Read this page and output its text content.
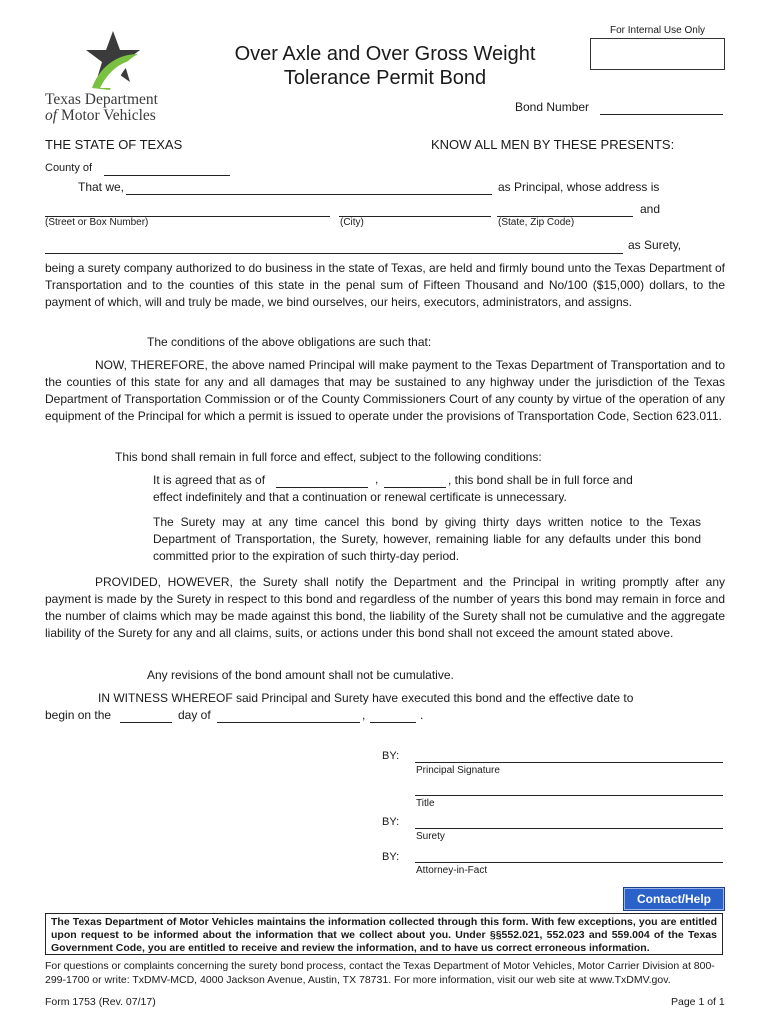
Texas Department
of Motor Vehicles
Over Axle and Over Gross Weight
Tolerance Permit Bond
For Internal Use Only
Bond Number
THE STATE OF TEXAS	KNOW ALL MEN BY THESE PRESENTS:
County of
That we,	as Principal, whose address is
and
(Street or Box Number)	(City)	(State, Zip Code)
as Surety,
being a surety company authorized to do business in the state of Texas, are held and firmly bound unto the Texas Department of Transportation and to the counties of this state in the penal sum of Fifteen Thousand and No/100 ($15,000) dollars, to the payment of which, will and truly be made, we bind ourselves, our heirs, executors, administrators, and assigns.
The conditions of the above obligations are such that:
NOW, THEREFORE, the above named Principal will make payment to the Texas Department of Transportation and to the counties of this state for any and all damages that may be sustained to any highway under the jurisdiction of the Texas Department of Transportation Commission or of the County Commissioners Court of any county by virtue of the operation of any equipment of the Principal for which a permit is issued to operate under the provisions of Transportation Code, Section 623.011.
This bond shall remain in full force and effect, subject to the following conditions:
It is agreed that as of	,	, this bond shall be in full force and
effect indefinitely and that a continuation or renewal certificate is unnecessary.
The Surety may at any time cancel this bond by giving thirty days written notice to the Texas Department of Transportation, the Surety, however, remaining liable for any defaults under this bond committed prior to the expiration of such thirty-day period.
PROVIDED, HOWEVER, the Surety shall notify the Department and the Principal in writing promptly after any payment is made by the Surety in respect to this bond and regardless of the number of years this bond may remain in force and the number of claims which may be made against this bond, the liability of the Surety shall not be cumulative and the aggregate liability of the Surety for any and all claims, suits, or actions under this bond shall not exceed the amount stated above.
Any revisions of the bond amount shall not be cumulative.
IN WITNESS WHEREOF said Principal and Surety have executed this bond and the effective date to
begin on the	day of	,	.
BY:
Principal Signature
Title
BY:
Surety
BY:
Attorney-in-Fact
Contact/Help
The Texas Department of Motor Vehicles maintains the information collected through this form. With few exceptions, you are entitled upon request to be informed about the information that we collect about you. Under §§552.021, 552.023 and 559.004 of the Texas Government Code, you are entitled to receive and review the information, and to have us correct erroneous information.
For questions or complaints concerning the surety bond process, contact the Texas Department of Motor Vehicles, Motor Carrier Division at 800-299-1700 or write: TxDMV-MCD, 4000 Jackson Avenue, Austin, TX 78731. For more information, visit our web site at www.TxDMV.gov.
Form 1753 (Rev. 07/17)	Page 1 of 1
